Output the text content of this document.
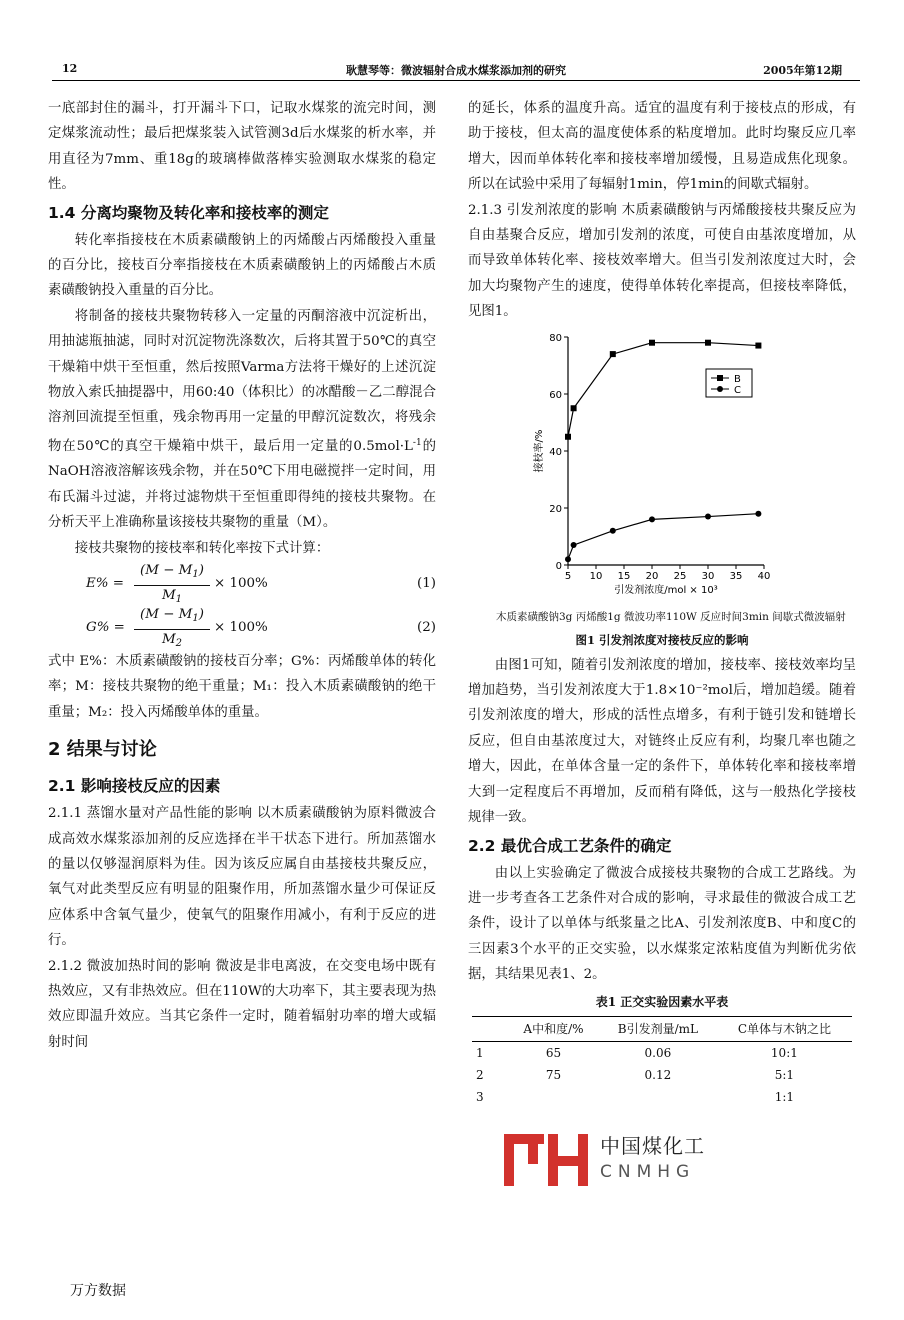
12	耿慧琴等：微波辐射合成水煤浆添加剂的研究	2005年第12期

一底部封住的漏斗，打开漏斗下口，记取水煤浆的流完时间，测定煤浆流动性；最后把煤浆装入试管测3d后水煤浆的析水率，并用直径为7mm、重18g的玻璃棒做落棒实验测取水煤浆的稳定性。

1.4 分离均聚物及转化率和接枝率的测定

转化率指接枝在木质素磺酸钠上的丙烯酸占丙烯酸投入重量的百分比，接枝百分率指接枝在木质素磺酸钠上的丙烯酸占木质素磺酸钠投入重量的百分比。

将制备的接枝共聚物转移入一定量的丙酮溶液中沉淀析出，用抽滤瓶抽滤，同时对沉淀物洗涤数次，后将其置于50℃的真空干燥箱中烘干至恒重，然后按照Varma方法将干燥好的上述沉淀物放入索氏抽提器中，用60:40（体积比）的冰醋酸－乙二醇混合溶剂回流提至恒重，残余物再用一定量的甲醇沉淀数次，将残余物在50℃的真空干燥箱中烘干，最后用一定量的$0.5mol\cdot L^{-1}$的NaOH溶液溶解该残余物，并在50℃下用电磁搅拌一定时间，用布氏漏斗过滤，并将过滤物烘干至恒重即得纯的接枝共聚物。在分析天平上准确称量该接枝共聚物的重量（M）。

接枝共聚物的接枝率和转化率按下式计算：

$E\% = \frac{(M - M_1)}{M_1} \times 100\%$	(1)
$G\% = \frac{(M - M_1)}{M_2} \times 100\%$	(2)

式中 E%：木质素磺酸钠的接枝百分率；G%：丙烯酸单体的转化率；M：接枝共聚物的绝干重量；M₁：投入木质素磺酸钠的绝干重量；M₂：投入丙烯酸单体的重量。

2 结果与讨论
2.1 影响接枝反应的因素

2.1.1 蒸馏水量对产品性能的影响 以木质素磺酸钠为原料微波合成高效水煤浆添加剂的反应选择在半干状态下进行。所加蒸馏水的量以仅够湿润原料为佳。因为该反应属自由基接枝共聚反应，氧气对此类型反应有明显的阻聚作用，所加蒸馏水量少可保证反应体系中含氧气量少，使氧气的阻聚作用减小，有利于反应的进行。

2.1.2 微波加热时间的影响 微波是非电离波，在交变电场中既有热效应，又有非热效应。但在110W的大功率下，其主要表现为热效应即温升效应。当其它条件一定时，随着辐射功率的增大或辐射时间

的延长，体系的温度升高。适宜的温度有利于接枝点的形成，有助于接枝，但太高的温度使体系的粘度增加。此时均聚反应几率增大，因而单体转化率和接枝率增加缓慢，且易造成焦化现象。所以在试验中采用了每辐射1min，停1min的间歇式辐射。

2.1.3 引发剂浓度的影响 木质素磺酸钠与丙烯酸接枝共聚反应为自由基聚合反应，增加引发剂的浓度，可使自由基浓度增加，从而导致单体转化率、接枝效率增大。但当引发剂浓度过大时，会加大均聚物产生的速度，使得单体转化率提高，但接枝率降低，见图1。

0
20
40
60
80
5 10 15 20 25 30 35 40
引发剂浓度/mol × 10³
接枝率/%
B
C

木质素磺酸钠3g 丙烯酸1g 微波功率110W 反应时间3min 间歇式微波辐射

图1 引发剂浓度对接枝反应的影响

由图1可知，随着引发剂浓度的增加，接枝率、接枝效率均呈增加趋势，当引发剂浓度大于1.8×10⁻²mol后，增加趋缓。随着引发剂浓度的增大，形成的活性点增多，有利于链引发和链增长反应，但自由基浓度过大，对链终止反应有利，均聚几率也随之增大，因此，在单体含量一定的条件下，单体转化率和接枝率增大到一定程度后不再增加，反而稍有降低，这与一般热化学接枝规律一致。

2.2 最优合成工艺条件的确定

由以上实验确定了微波合成接枝共聚物的合成工艺路线。为进一步考查各工艺条件对合成的影响，寻求最佳的微波合成工艺条件，设计了以单体与纸浆量之比A、引发剂浓度B、中和度C的三因素3个水平的正交实验，以水煤浆定浓粘度值为判断优劣依据，其结果见表1、2。

表1 正交实验因素水平表
	A中和度/%	B引发剂量/mL	C单体与木钠之比
1	65	0.06	10:1
2	75	0.12	5:1
3			1:1
中国煤化工
CNMHG
万方数据
